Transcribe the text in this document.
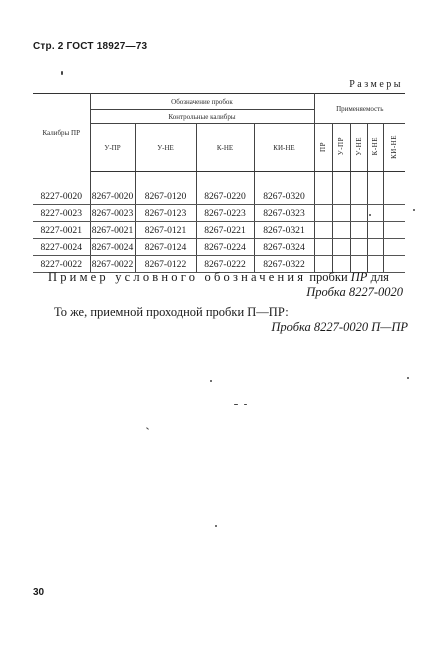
Стр. 2 ГОСТ 18927—73
Размеры
Калибры ПР	Обозначение пробок				Применяемость				
	Контрольные калибры								
	У-ПР	У-НЕ	К-НЕ	КИ-НЕ	ПР	У-ПР	У-НЕ	К-НЕ	КИ-НЕ

8227-0020	8267-0020	8267-0120	8267-0220	8267-0320					
8227-0023	8267-0023	8267-0123	8267-0223	8267-0323					
8227-0021	8267-0021	8267-0121	8267-0221	8267-0321					
8227-0024	8267-0024	8267-0124	8267-0224	8267-0324					
8227-0022	8267-0022	8267-0122	8267-0222	8267-0322					
Пример условного обозначения пробки ПР для
Пробка 8227-0020
То же, приемной проходной пробки П—ПР:
Пробка 8227-0020 П—ПР
30
